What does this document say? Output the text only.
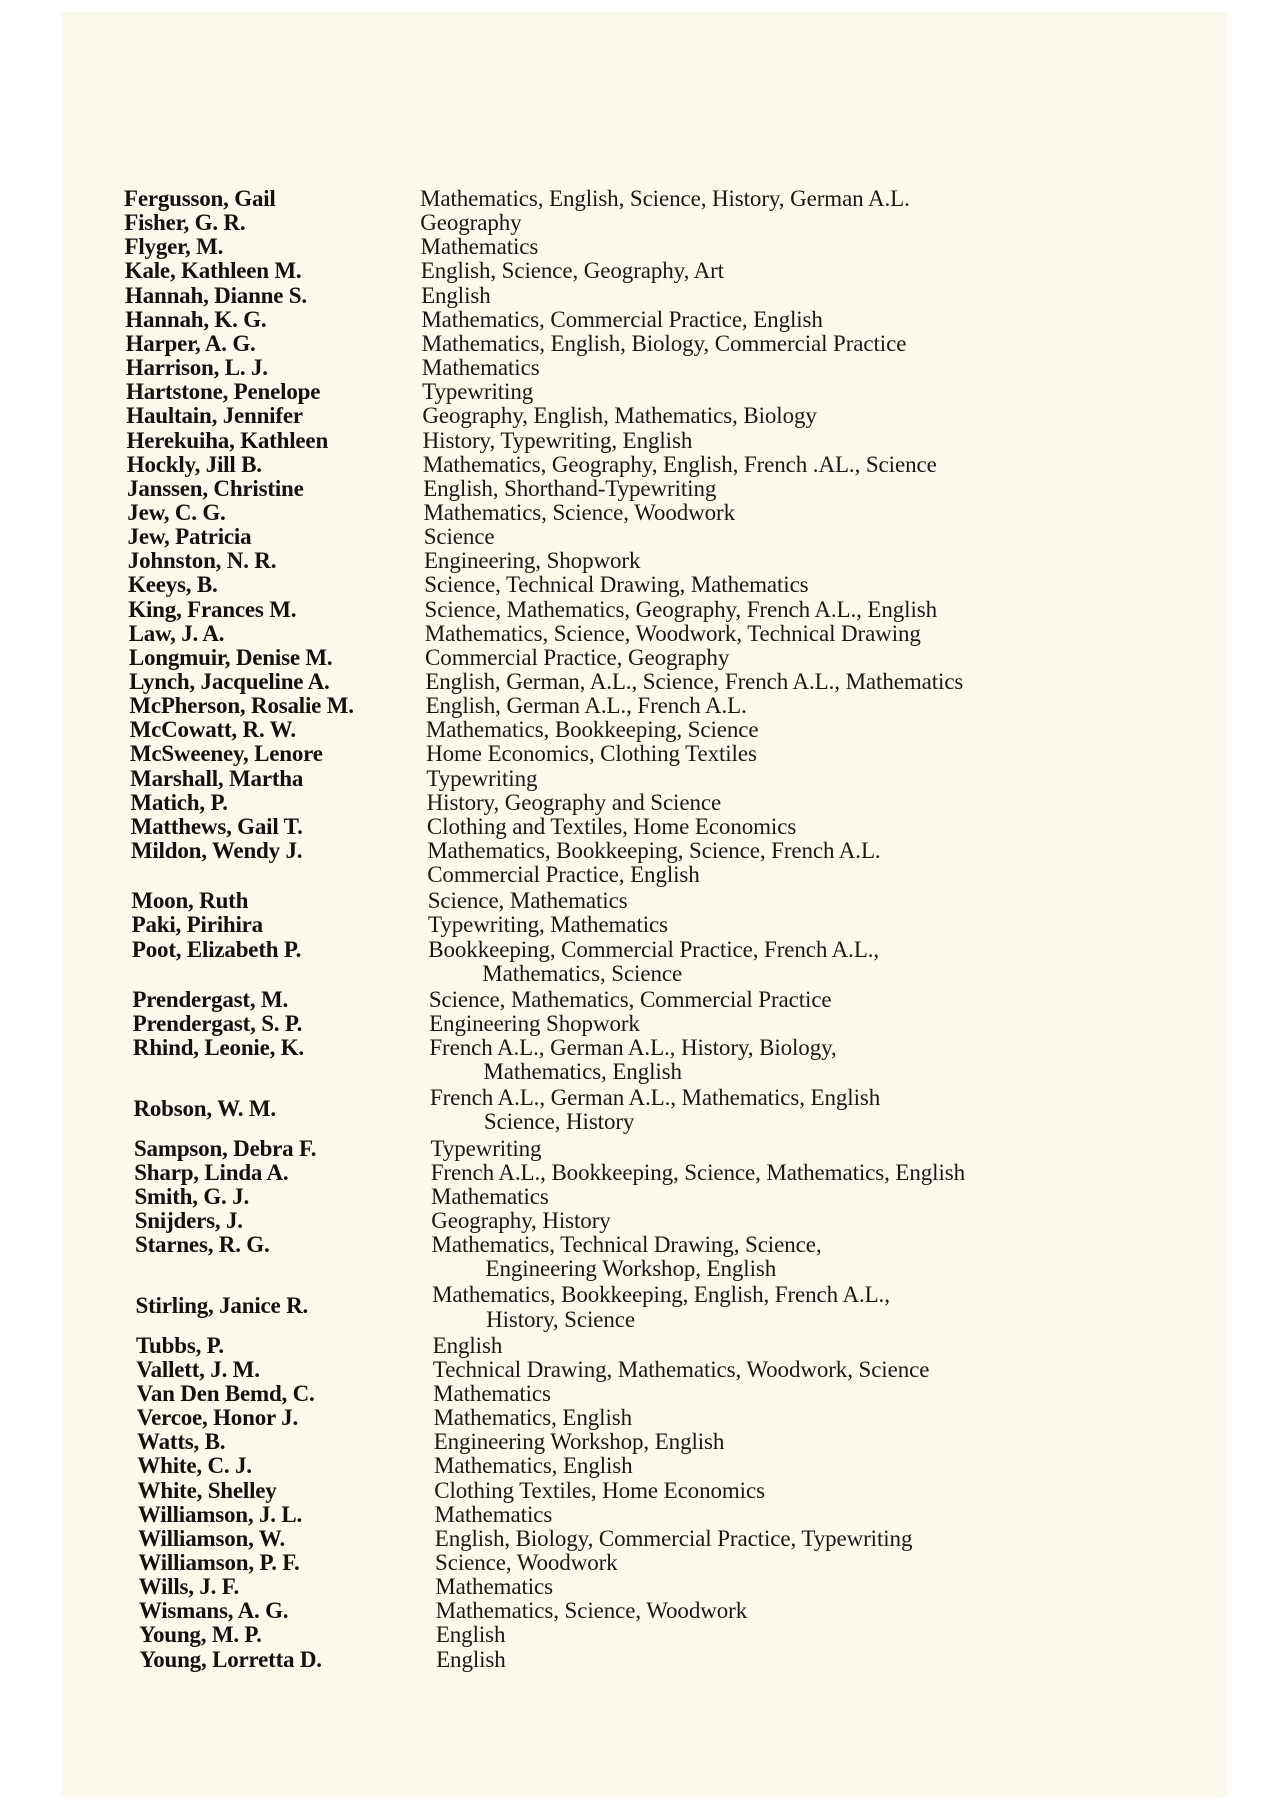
Fergusson, Gail	Mathematics, English, Science, History, German A.L.
Fisher, G. R.	Geography
Flyger, M.	Mathematics
Kale, Kathleen M.	English, Science, Geography, Art
Hannah, Dianne S.	English
Hannah, K. G.	Mathematics, Commercial Practice, English
Harper, A. G.	Mathematics, English, Biology, Commercial Practice
Harrison, L. J.	Mathematics
Hartstone, Penelope	Typewriting
Haultain, Jennifer	Geography, English, Mathematics, Biology
Herekuiha, Kathleen	History, Typewriting, English
Hockly, Jill B.	Mathematics, Geography, English, French .AL., Science
Janssen, Christine	English, Shorthand-Typewriting
Jew, C. G.	Mathematics, Science, Woodwork
Jew, Patricia	Science
Johnston, N. R.	Engineering, Shopwork
Keeys, B.	Science, Technical Drawing, Mathematics
King, Frances M.	Science, Mathematics, Geography, French A.L., English
Law, J. A.	Mathematics, Science, Woodwork, Technical Drawing
Longmuir, Denise M.	Commercial Practice, Geography
Lynch, Jacqueline A.	English, German, A.L., Science, French A.L., Mathematics
McPherson, Rosalie M.	English, German A.L., French A.L.
McCowatt, R. W.	Mathematics, Bookkeeping, Science
McSweeney, Lenore	Home Economics, Clothing Textiles
Marshall, Martha	Typewriting
Matich, P.	History, Geography and Science
Matthews, Gail T.	Clothing and Textiles, Home Economics
Mildon, Wendy J.	Mathematics, Bookkeeping, Science, French A.L.
Commercial Practice, English
Moon, Ruth	Science, Mathematics
Paki, Pirihira	Typewriting, Mathematics
Poot, Elizabeth P.	Bookkeeping, Commercial Practice, French A.L.,
Mathematics, Science
Prendergast, M.	Science, Mathematics, Commercial Practice
Prendergast, S. P.	Engineering Shopwork
Rhind, Leonie, K.	French A.L., German A.L., History, Biology,
Mathematics, English
Robson, W. M.	French A.L., German A.L., Mathematics, English
Science, History
Sampson, Debra F.	Typewriting
Sharp, Linda A.	French A.L., Bookkeeping, Science, Mathematics, English
Smith, G. J.	Mathematics
Snijders, J.	Geography, History
Starnes, R. G.	Mathematics, Technical Drawing, Science,
Engineering Workshop, English
Stirling, Janice R.	Mathematics, Bookkeeping, English, French A.L.,
History, Science
Tubbs, P.	English
Vallett, J. M.	Technical Drawing, Mathematics, Woodwork, Science
Van Den Bemd, C.	Mathematics
Vercoe, Honor J.	Mathematics, English
Watts, B.	Engineering Workshop, English
White, C. J.	Mathematics, English
White, Shelley	Clothing Textiles, Home Economics
Williamson, J. L.	Mathematics
Williamson, W.	English, Biology, Commercial Practice, Typewriting
Williamson, P. F.	Science, Woodwork
Wills, J. F.	Mathematics
Wismans, A. G.	Mathematics, Science, Woodwork
Young, M. P.	English
Young, Lorretta D.	English
